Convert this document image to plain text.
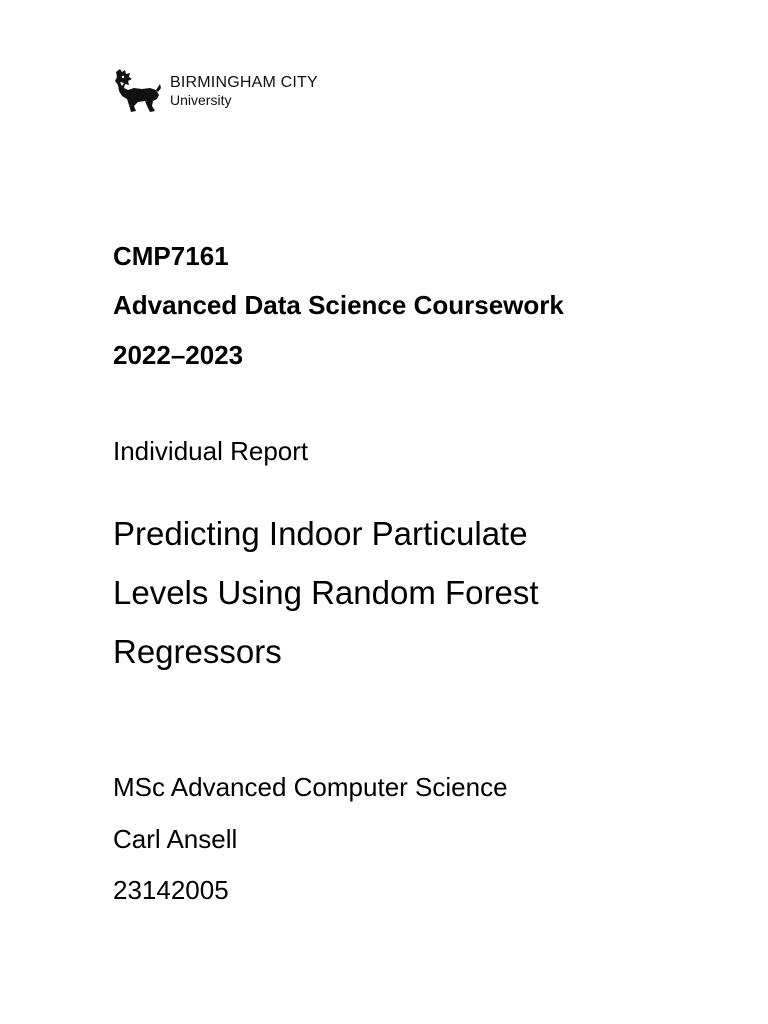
BIRMINGHAM CITY
University

CMP7161

Advanced Data Science Coursework

2022–2023

Individual Report

Predicting Indoor Particulate

Levels Using Random Forest

Regressors

MSc Advanced Computer Science

Carl Ansell

23142005
